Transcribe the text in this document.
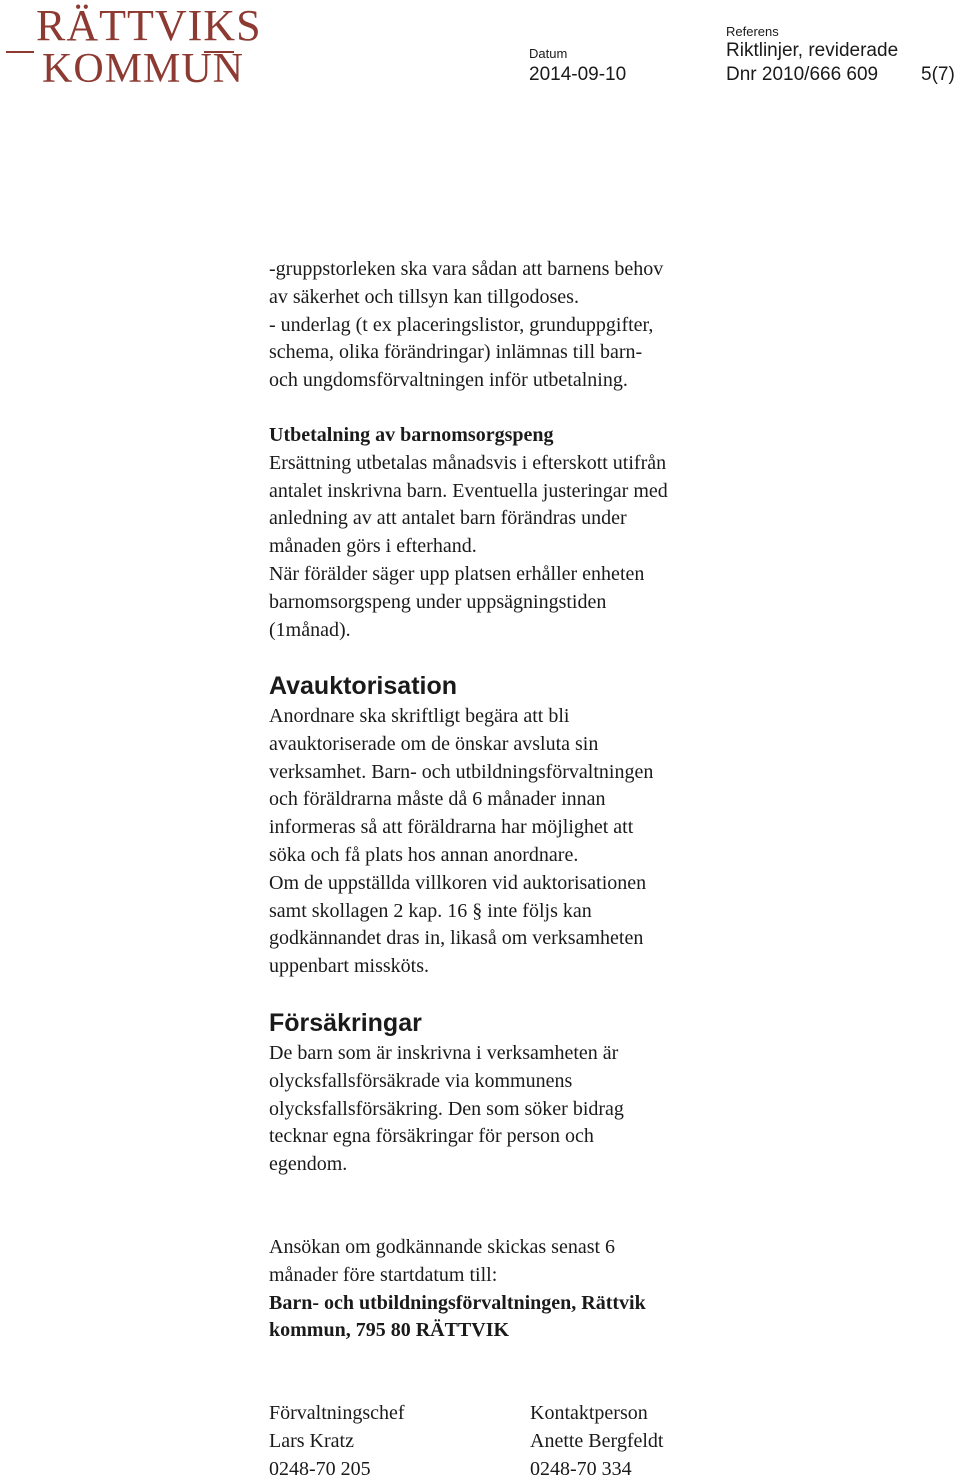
RÄTTVIKS
KOMMUN	Datum
2014-09-10
Referens
Riktlinjer, reviderade
Dnr 2010/666 609 5(7)
-gruppstorleken ska vara sådan att barnens behov
av säkerhet och tillsyn kan tillgodoses.
- underlag (t ex placeringslistor, grunduppgifter,
schema, olika förändringar) inlämnas till barn-
och ungdomsförvaltningen inför utbetalning.
Utbetalning av barnomsorgspeng
Ersättning utbetalas månadsvis i efterskott utifrån
antalet inskrivna barn. Eventuella justeringar med
anledning av att antalet barn förändras under
månaden görs i efterhand.
När förälder säger upp platsen erhåller enheten
barnomsorgspeng under uppsägningstiden
(1månad).
Avauktorisation
Anordnare ska skriftligt begära att bli
avauktoriserade om de önskar avsluta sin
verksamhet. Barn- och utbildningsförvaltningen
och föräldrarna måste då 6 månader innan
informeras så att föräldrarna har möjlighet att
söka och få plats hos annan anordnare.
Om de uppställda villkoren vid auktorisationen
samt skollagen 2 kap. 16 § inte följs kan
godkännandet dras in, likaså om verksamheten
uppenbart missköts.
Försäkringar
De barn som är inskrivna i verksamheten är
olycksfallsförsäkrade via kommunens
olycksfallsförsäkring. Den som söker bidrag
tecknar egna försäkringar för person och
egendom.
Ansökan om godkännande skickas senast 6
månader före startdatum till:
Barn- och utbildningsförvaltningen, Rättvik
kommun, 795 80 RÄTTVIK
Förvaltningschef
Lars Kratz
0248-70 205
Kontaktperson
Anette Bergfeldt
0248-70 334
